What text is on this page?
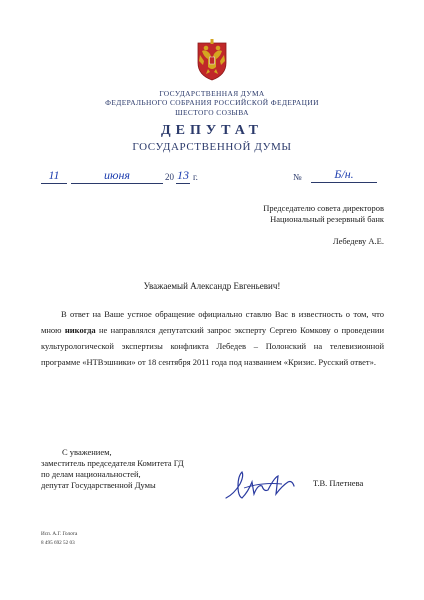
ГОСУДАРСТВЕННАЯ ДУМА
ФЕДЕРАЛЬНОГО СОБРАНИЯ РОССИЙСКОЙ ФЕДЕРАЦИИ
ШЕСТОГО СОЗЫВА
ДЕПУТАТ
ГОСУДАРСТВЕННОЙ ДУМЫ
11	июня	20 13 г.	№	Б/н.
Председателю совета директоров
Национальный резервный банк
Лебедеву А.Е.
Уважаемый Александр Евгеньевич!
В ответ на Ваше устное обращение официально ставлю Вас в известность о том, что мною никогда не направлялся депутатский запрос эксперту Сергею Комкову о проведении культурологической экспертизы конфликта Лебедев – Полонский на телевизионной программе «НТВэшники» от 18 сентября 2011 года под названием «Кризис. Русский ответ».
С уважением,
заместитель председателя Комитета ГД
по делам национальностей,
депутат Государственной Думы	Т.В. Плетнева
Исп. А.Г. Голота
8 495 692 52 03
